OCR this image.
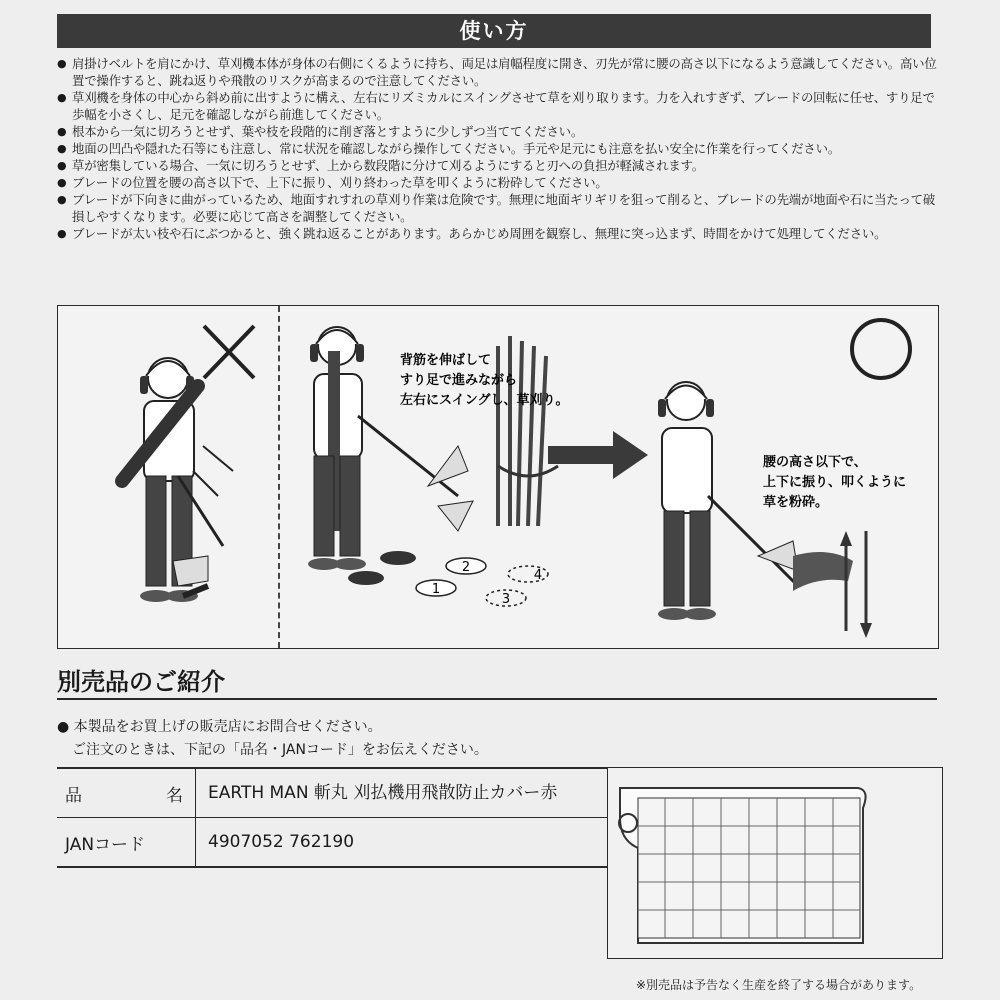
使い方
● 肩掛けベルトを肩にかけ、草刈機本体が身体の右側にくるように持ち、両足は肩幅程度に開き、刃先が常に腰の高さ以下になるよう意識してください。高い位置で操作すると、跳ね返りや飛散のリスクが高まるので注意してください。
● 草刈機を身体の中心から斜め前に出すように構え、左右にリズミカルにスイングさせて草を刈り取ります。力を入れすぎず、ブレードの回転に任せ、すり足で歩幅を小さくし、足元を確認しながら前進してください。
● 根本から一気に切ろうとせず、葉や枝を段階的に削ぎ落とすように少しずつ当ててください。
● 地面の凹凸や隠れた石等にも注意し、常に状況を確認しながら操作してください。手元や足元にも注意を払い安全に作業を行ってください。
● 草が密集している場合、一気に切ろうとせず、上から数段階に分けて刈るようにすると刃への負担が軽減されます。
● ブレードの位置を腰の高さ以下で、上下に振り、刈り終わった草を叩くように粉砕してください。
● ブレードが下向きに曲がっているため、地面すれすれの草刈り作業は危険です。無理に地面ギリギリを狙って削ると、ブレードの先端が地面や石に当たって破損しやすくなります。必要に応じて高さを調整してください。
● ブレードが太い枝や石にぶつかると、強く跳ね返ることがあります。あらかじめ周囲を観察し、無理に突っ込まず、時間をかけて処理してください。
1
2
3
4
背筋を伸ばして
すり足で進みながら
左右にスイングし、草刈り。
腰の高さ以下で、
上下に振り、叩くように
草を粉砕。
別売品のご紹介
● 本製品をお買上げの販売店にお問合せください。
ご注文のときは、下記の「品名・JANコード」をお伝えください。
品	名	EARTH MAN 斬丸 刈払機用飛散防止カバー赤
JANコード	4907052 762190
※別売品は予告なく生産を終了する場合があります。
